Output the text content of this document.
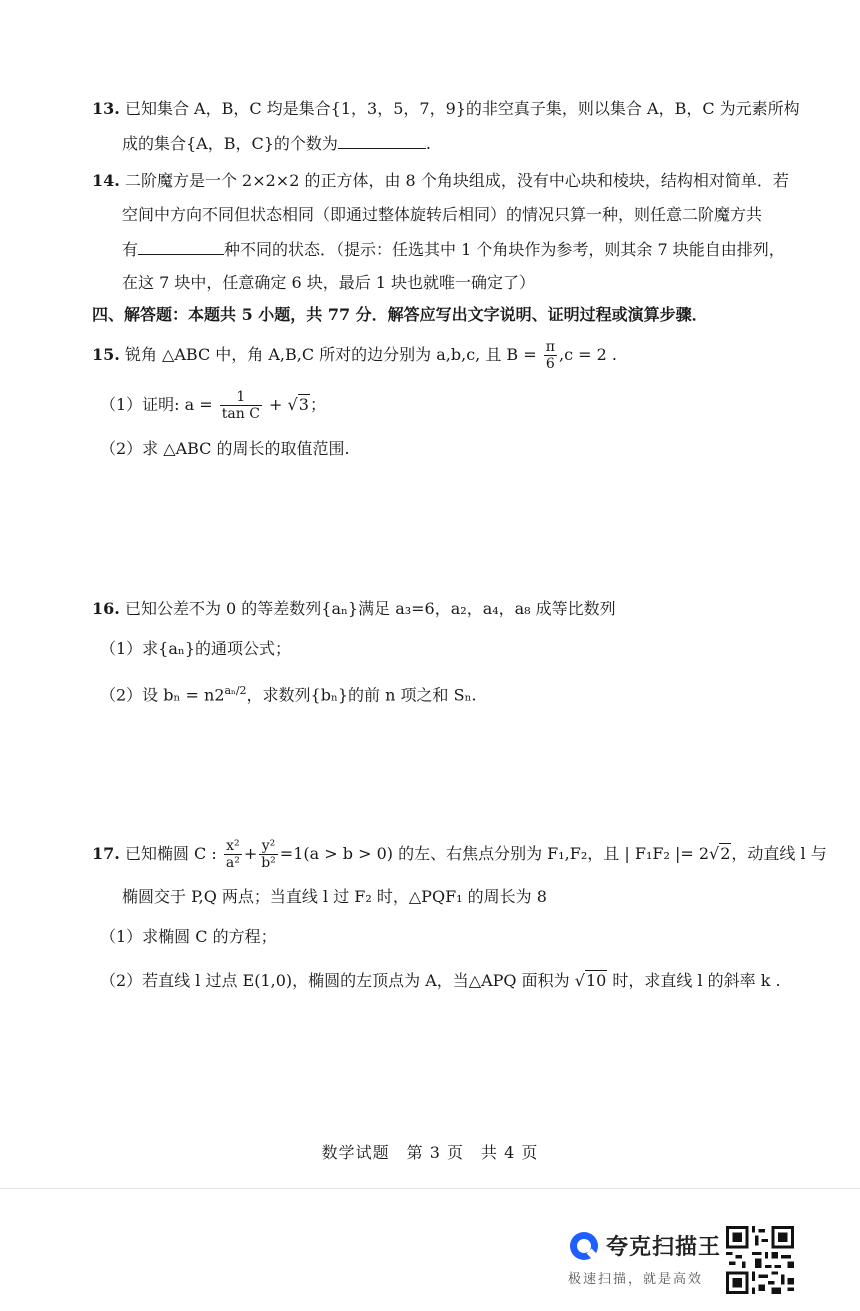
13. 已知集合 A，B，C 均是集合{1，3，5，7，9}的非空真子集，则以集合 A，B，C 为元素所构
成的集合{A，B，C}的个数为	.
14. 二阶魔方是一个 2×2×2 的正方体，由 8 个角块组成，没有中心块和棱块，结构相对简单．若
空间中方向不同但状态相同（即通过整体旋转后相同）的情况只算一种，则任意二阶魔方共
有	种不同的状态．（提示：任选其中 1 个角块作为参考，则其余 7 块能自由排列，
在这 7 块中，任意确定 6 块，最后 1 块也就唯一确定了）
四、解答题：本题共 5 小题，共 77 分．解答应写出文字说明、证明过程或演算步骤．
15. 锐角 △ABC 中，角 A,B,C 所对的边分别为 a,b,c, 且 $B = \frac{\pi}{6} ,c = 2$ .
（1）证明: $a = \frac{1}{\text{tan C}} + √3$；
（2）求 △ABC 的周长的取值范围.
16. 已知公差不为 0 的等差数列{aₙ}满足 a₃=6，a₂，a₄，a₈ 成等比数列
（1）求{aₙ}的通项公式；
（2）设 $b_n = n2^{a_n/2}$，求数列{bₙ}的前 n 项之和 Sₙ.
17. 已知椭圆 C : $\frac{\text{x²}}{\text{a²}} + \frac{\text{y²}}{\text{b²}} =1(a > b > 0)$ 的左、右焦点分别为 F₁,F₂，且 | F₁F₂ |= 2√2，动直线 l 与
椭圆交于 P,Q 两点；当直线 l 过 F₂ 时，△PQF₁ 的周长为 8
（1）求椭圆 C 的方程；
（2）若直线 l 过点 E(1,0)，椭圆的左顶点为 A，当△APQ 面积为 √10 时，求直线 l 的斜率 k .
数学试题　第 3 页　共 4 页
夸克扫描王
极速扫描，就是高效
